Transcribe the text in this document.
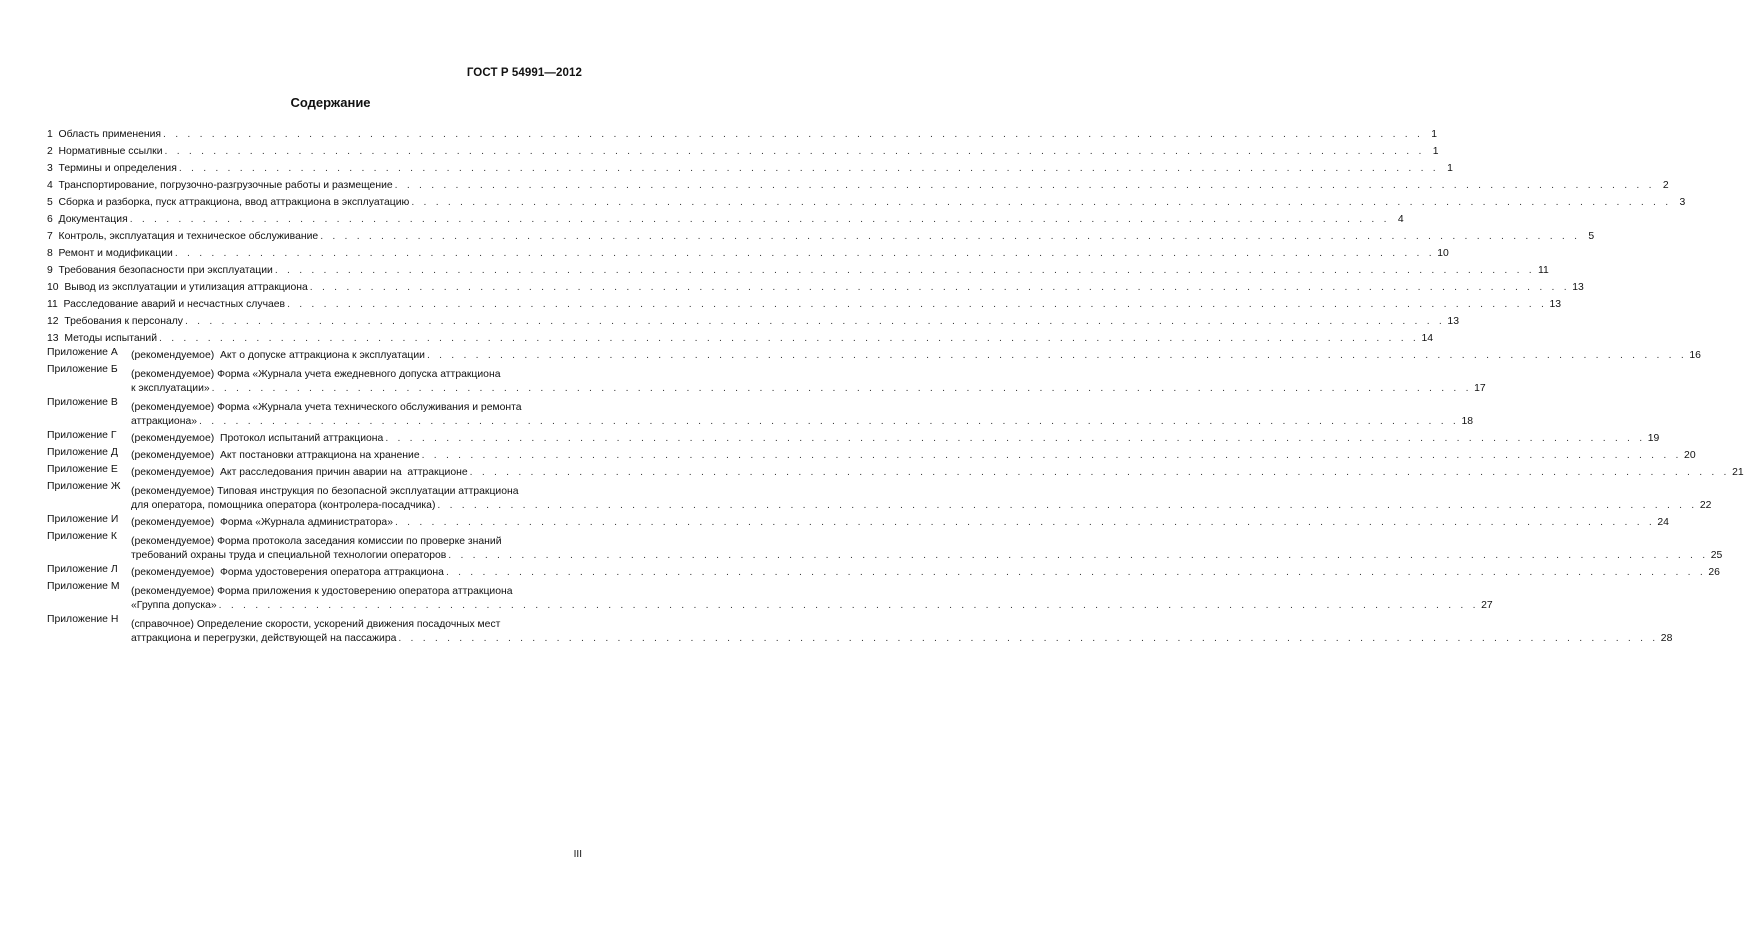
ГОСТ Р 54991—2012
Содержание
1  Область применения . . .	1
2  Нормативные ссылки . . .	1
3  Термины и определения . . .	1
4  Транспортирование, погрузочно-разгрузочные работы и размещение . . .	2
5  Сборка и разборка, пуск аттракциона, ввод аттракциона в эксплуатацию . . .	3
6  Документация . . .	4
7  Контроль, эксплуатация и техническое обслуживание . . .	5
8  Ремонт и модификации . . .	10
9  Требования безопасности при эксплуатации . . .	11
10  Вывод из эксплуатации и утилизация аттракциона . . .	13
11  Расследование аварий и несчастных случаев . . .	13
12  Требования к персоналу . . .	13
13  Методы испытаний . . .	14
Приложение А	(рекомендуемое)  Акт о допуске аттракциона к эксплуатации . . .	16
Приложение Б	(рекомендуемое) Форма «Журнала учета ежедневного допуска аттракциона
к эксплуатации» . . .	17
Приложение В	(рекомендуемое) Форма «Журнала учета технического обслуживания и ремонта
аттракциона» . . .	18
Приложение Г	(рекомендуемое)  Протокол испытаний аттракциона . . .	19
Приложение Д	(рекомендуемое)  Акт постановки аттракциона на хранение . . .	20
Приложение Е	(рекомендуемое)  Акт расследования причин аварии на  аттракционе . . .	21
Приложение Ж	(рекомендуемое) Типовая инструкция по безопасной эксплуатации аттракциона
для оператора, помощника оператора (контролера-посадчика) . . .	22
Приложение И	(рекомендуемое)  Форма «Журнала администратора» . . .	24
Приложение К	(рекомендуемое) Форма протокола заседания комиссии по проверке знаний
требований охраны труда и специальной технологии операторов . . .	25
Приложение Л	(рекомендуемое)  Форма удостоверения оператора аттракциона . . .	26
Приложение М	(рекомендуемое) Форма приложения к удостоверению оператора аттракциона
«Группа допуска» . . .	27
Приложение Н	(справочное) Определение скорости, ускорений движения посадочных мест
аттракциона и перегрузки, действующей на пассажира . . .	28
III
